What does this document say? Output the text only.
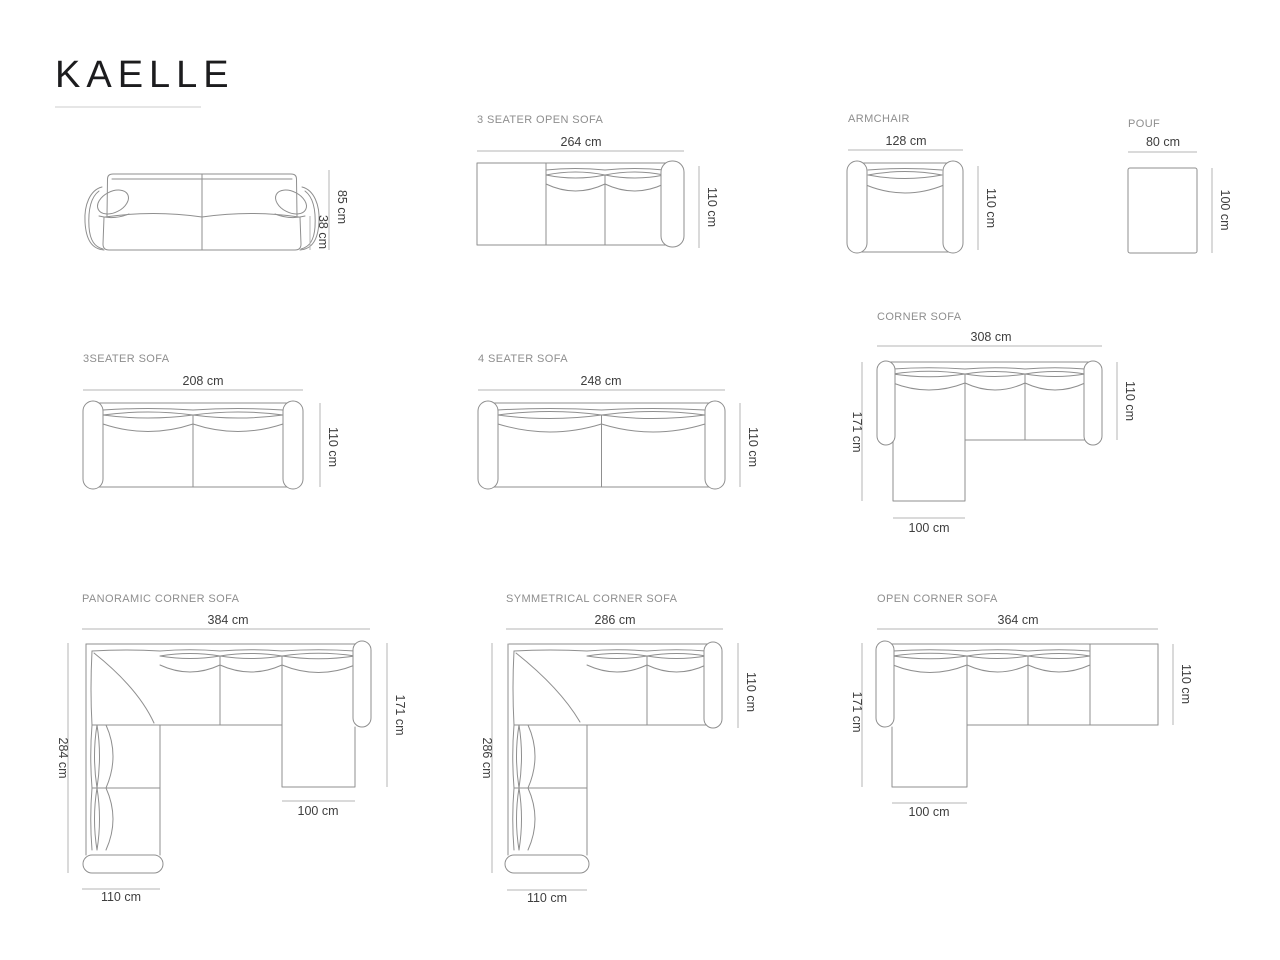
KAELLE
85 cm
38 cm
3 SEATER OPEN SOFA
264 cm
110 cm
ARMCHAIR
128 cm
110 cm
POUF
80 cm
100 cm
3SEATER SOFA
208 cm
110 cm
4 SEATER SOFA
248 cm
110 cm
CORNER SOFA
308 cm
110 cm
171 cm
100 cm
PANORAMIC CORNER SOFA
384 cm
284 cm
171 cm
100 cm
110 cm
SYMMETRICAL CORNER SOFA
286 cm
110 cm
286 cm
110 cm
OPEN CORNER SOFA
364 cm
110 cm
171 cm
100 cm
